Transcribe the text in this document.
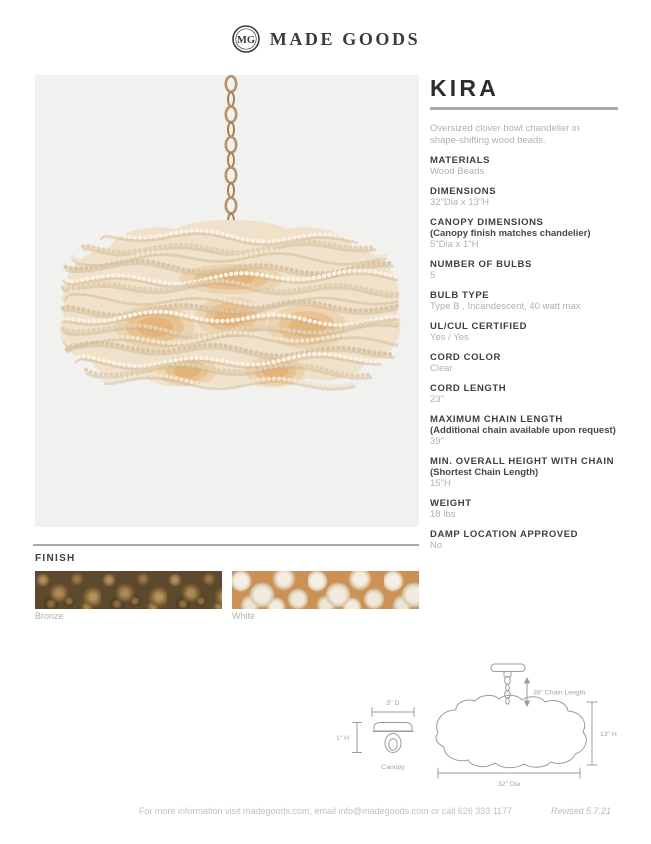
MG MADE GOODS
KIRA

Oversized clover bowl chandelier in shape-shifting wood beads.

MATERIALS
Wood Beads
DIMENSIONS
32"Dia x 13"H
CANOPY DIMENSIONS
(Canopy finish matches chandelier)
5"Dia x 1"H
NUMBER OF BULBS
5
BULB TYPE
Type B , Incandescent, 40 watt max
UL/CUL CERTIFIED
Yes / Yes
CORD COLOR
Clear
CORD LENGTH
23"
MAXIMUM CHAIN LENGTH
(Additional chain available upon request)
39"
MIN. OVERALL HEIGHT WITH CHAIN
(Shortest Chain Length)
15"H
WEIGHT
18 lbs
DAMP LOCATION APPROVED
No
FINISH
Bronze	White
5" D
1" H
Canopy
39" Chain Length
13" H
32" Dia
For more information visit madegoods.com, email info@madegoods.com or call 626 333 1177	Revised 5.7.21
